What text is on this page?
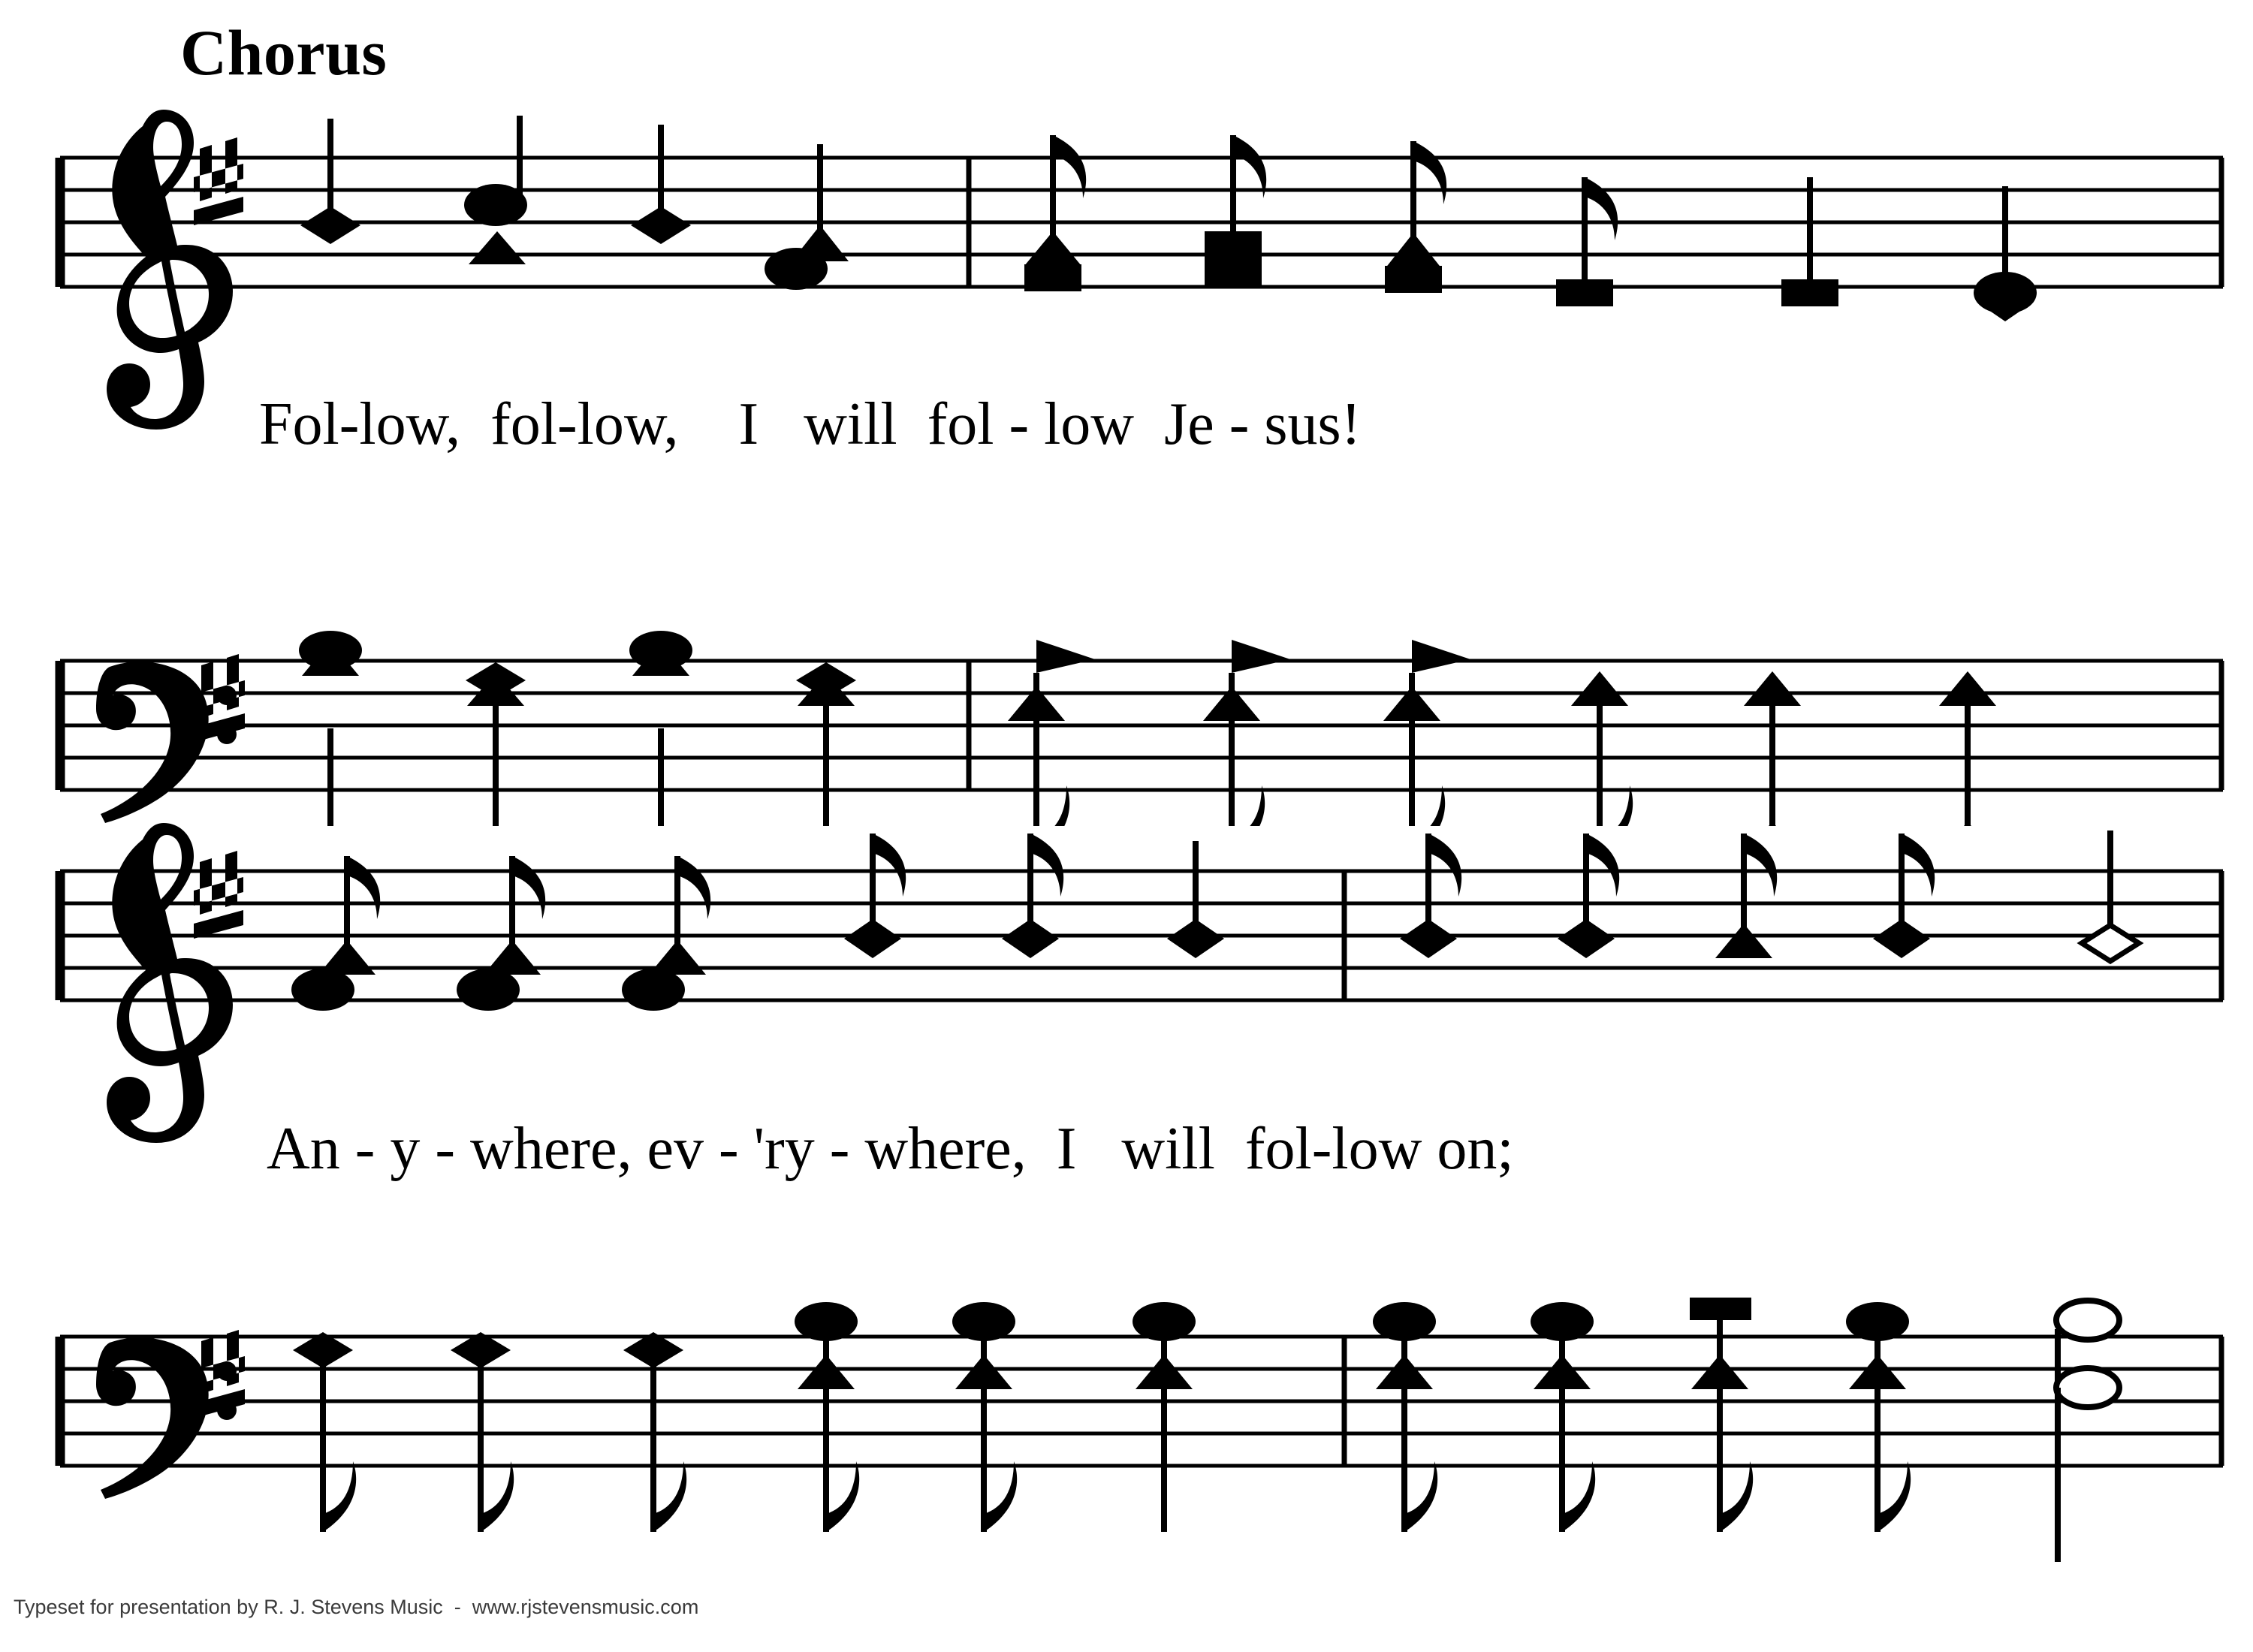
Chorus
Fol-low,  fol-low,    I   will  fol - low  Je - sus!
An - y - where, ev - 'ry - where,  I   will  fol-low on;
Typeset for presentation by R. J. Stevens Music  -  www.rjstevensmusic.com
